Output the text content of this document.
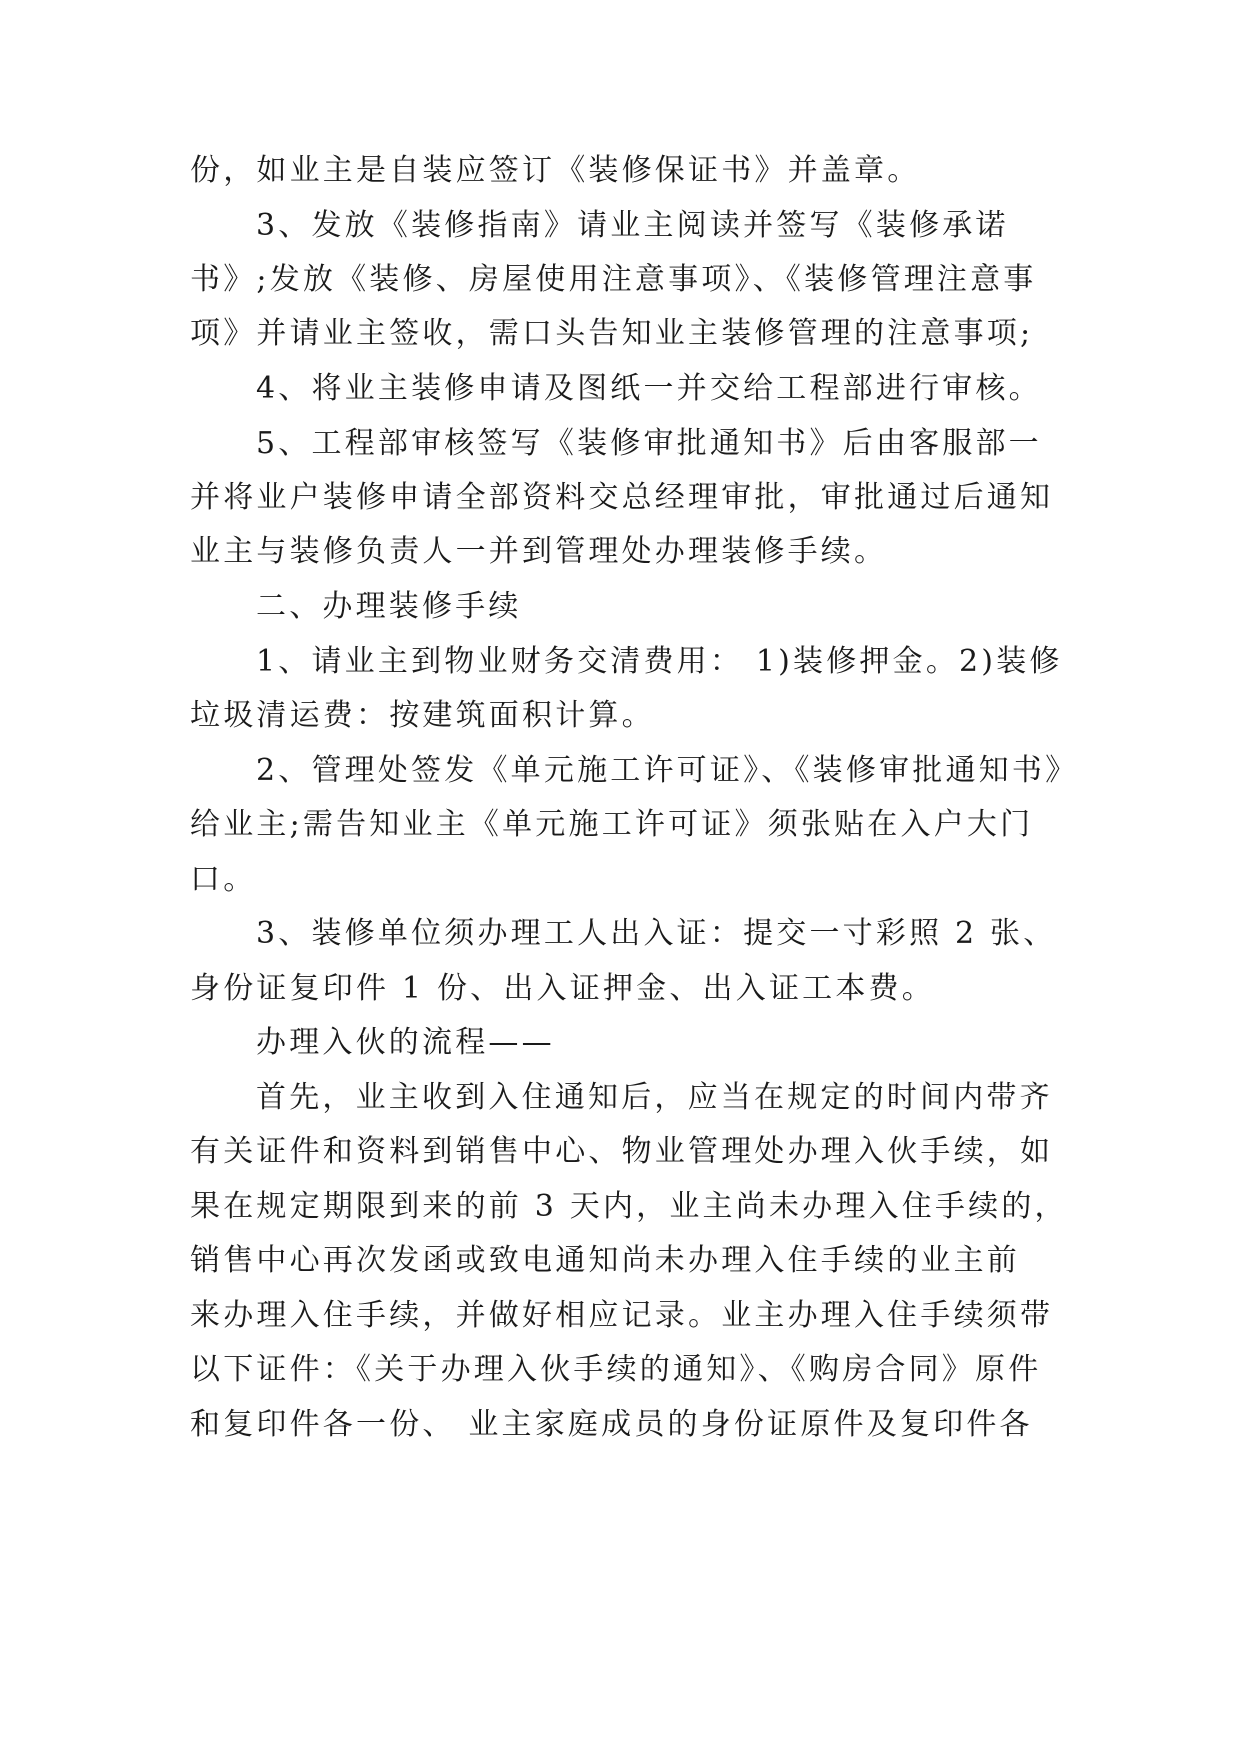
份，如业主是自装应签订《装修保证书》并盖章。
3、发放《装修指南》请业主阅读并签写《装修承诺
书》;发放《装修、房屋使用注意事项》、《装修管理注意事
项》并请业主签收，需口头告知业主装修管理的注意事项;
4、将业主装修申请及图纸一并交给工程部进行审核。
5、工程部审核签写《装修审批通知书》后由客服部一
并将业户装修申请全部资料交总经理审批，审批通过后通知
业主与装修负责人一并到管理处办理装修手续。
二、办理装修手续
1、请业主到物业财务交清费用： 1)装修押金。2)装修
垃圾清运费：按建筑面积计算。
2、管理处签发《单元施工许可证》、《装修审批通知书》
给业主;需告知业主《单元施工许可证》须张贴在入户大门
口。
3、装修单位须办理工人出入证：提交一寸彩照 2 张、
身份证复印件 1 份、出入证押金、出入证工本费。
办理入伙的流程——
首先，业主收到入住通知后，应当在规定的时间内带齐
有关证件和资料到销售中心、物业管理处办理入伙手续，如
果在规定期限到来的前 3 天内，业主尚未办理入住手续的，
销售中心再次发函或致电通知尚未办理入住手续的业主前
来办理入住手续，并做好相应记录。业主办理入住手续须带
以下证件：《关于办理入伙手续的通知》、《购房合同》原件
和复印件各一份、 业主家庭成员的身份证原件及复印件各
